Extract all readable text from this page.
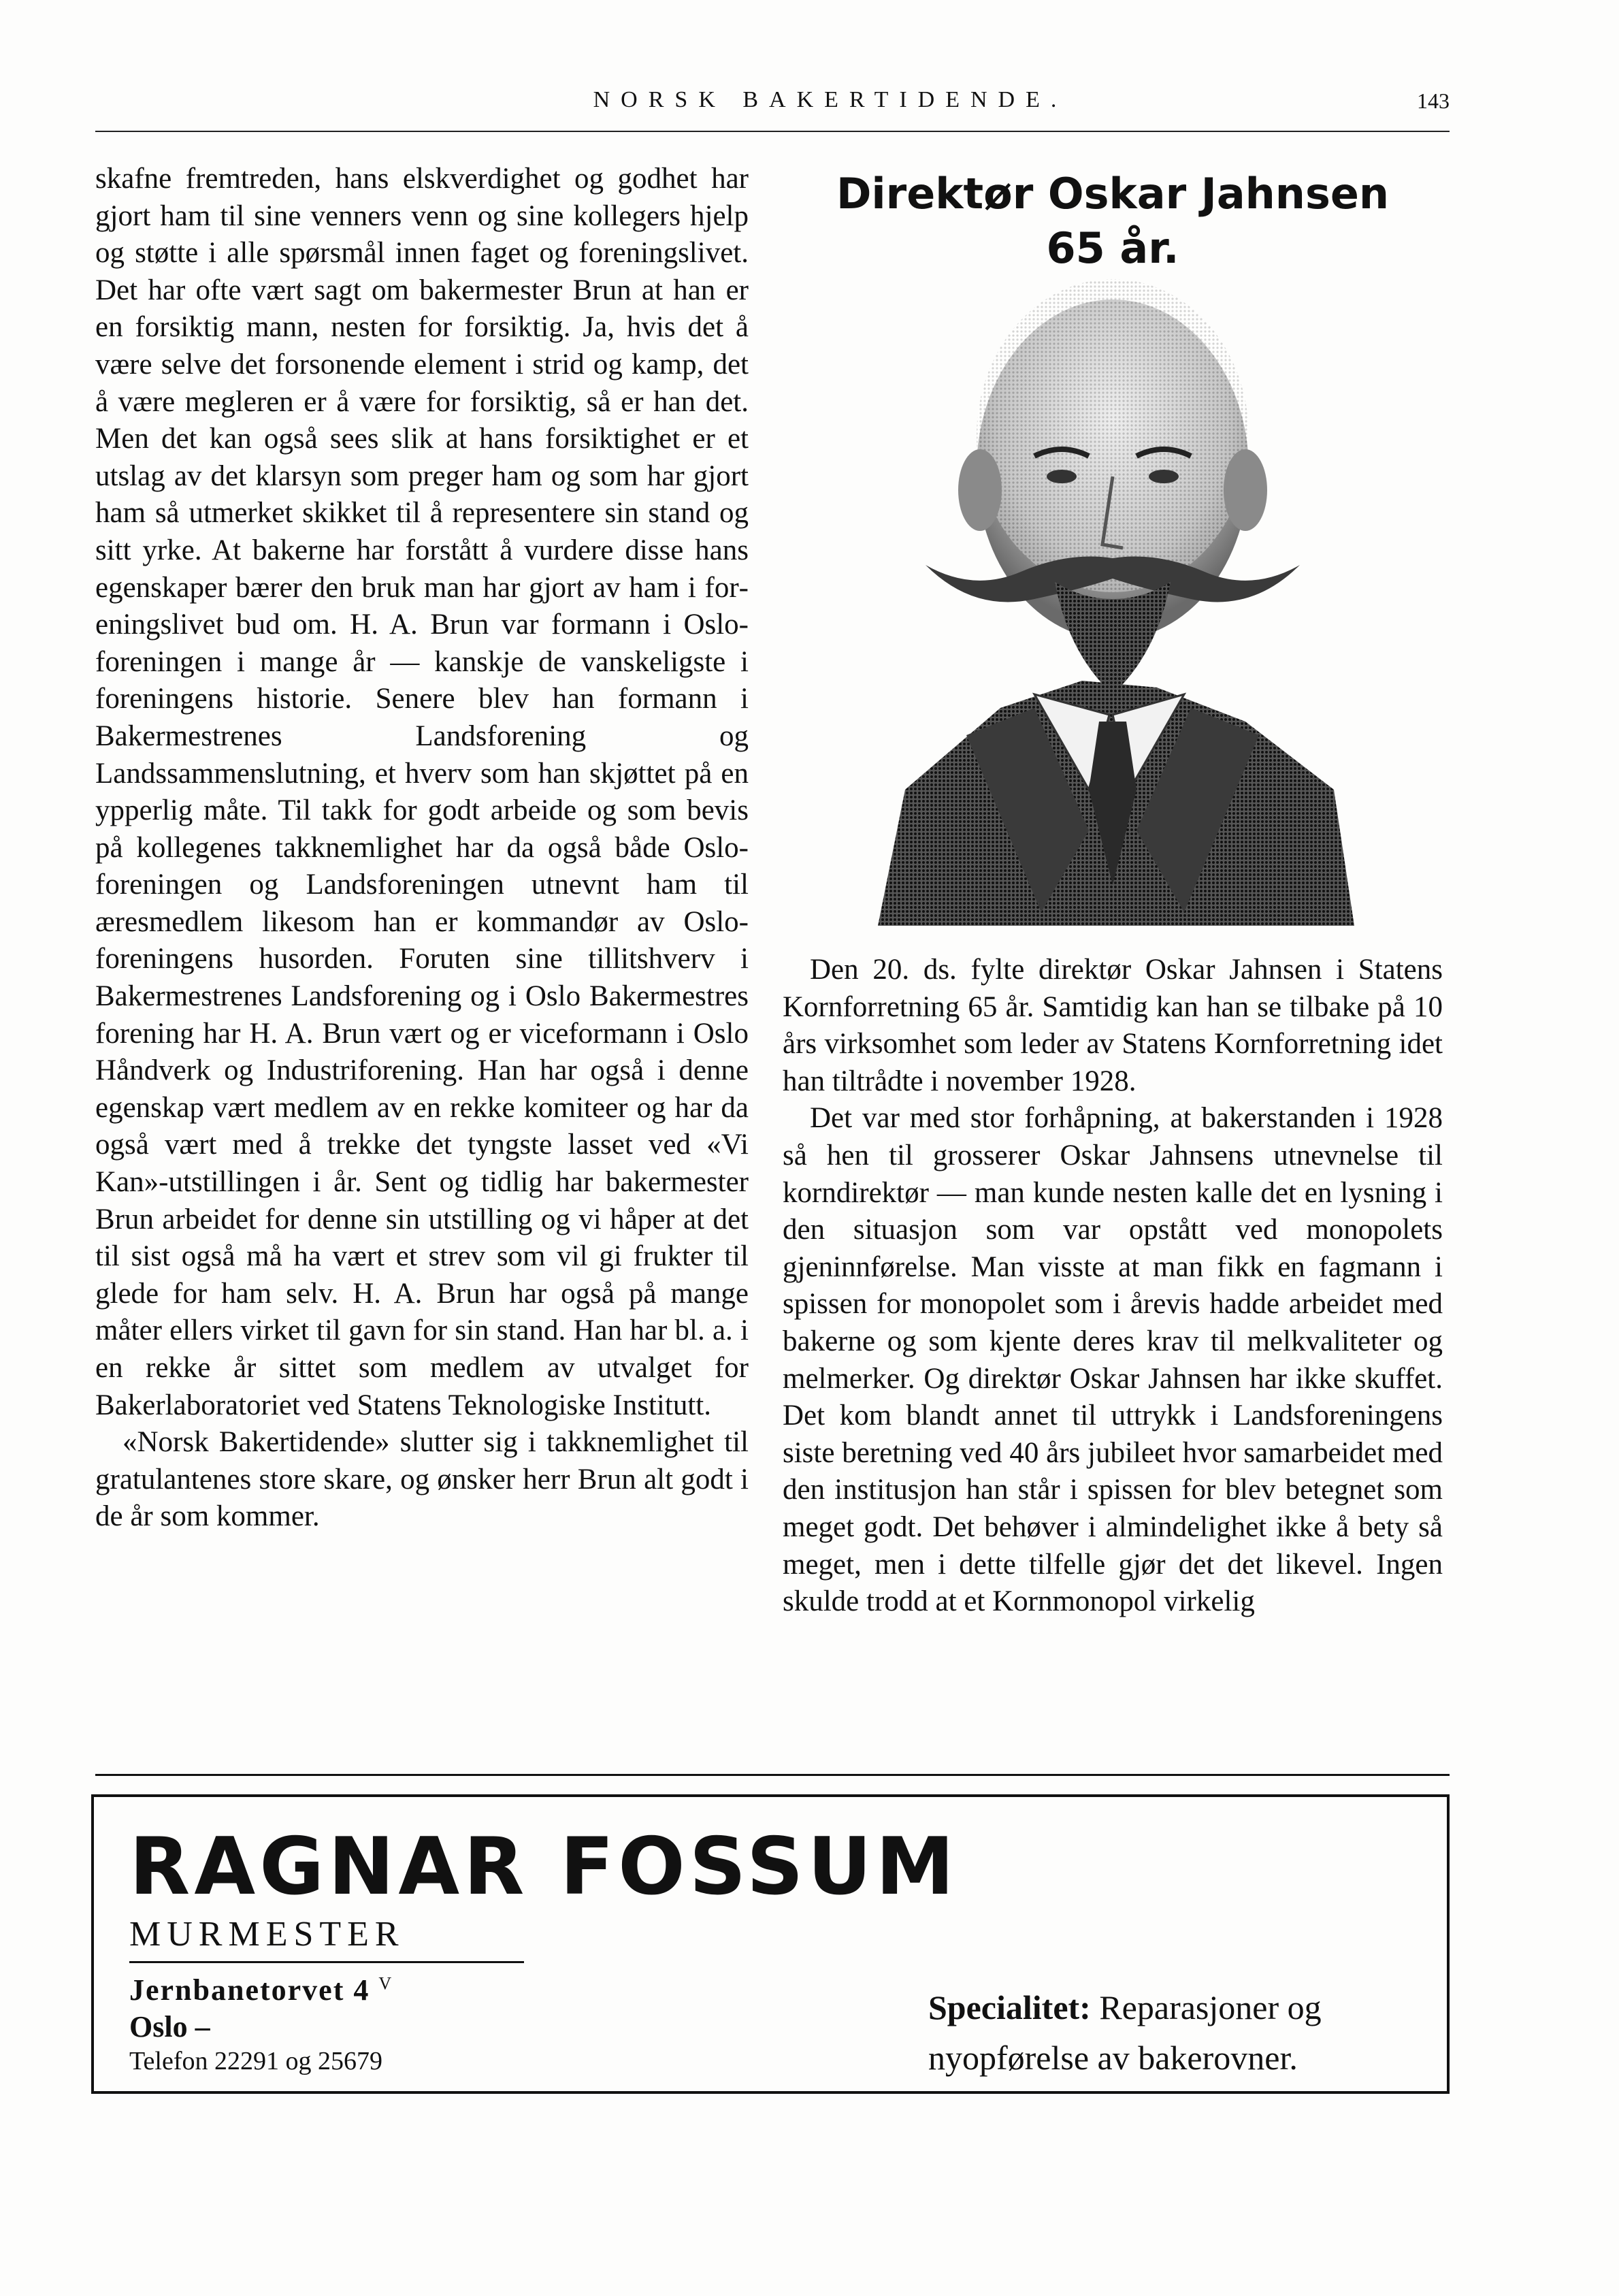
NORSK BAKERTIDENDE.	143

skafne fremtreden, hans elskverdighet og godhet har gjort ham til sine venners venn og sine kollegers hjelp og støtte i alle spørsmål innen faget og foreningslivet. Det har ofte vært sagt om bakermester Brun at han er en forsiktig mann, nesten for forsiktig. Ja, hvis det å være selve det forsonende element i strid og kamp, det å være megleren er å være for forsiktig, så er han det. Men det kan også sees slik at hans forsiktighet er et utslag av det klarsyn som preger ham og som har gjort ham så utmerket skikket til å representere sin stand og sitt yrke. At bakerne har forstått å vurdere disse hans egenskaper bærer den bruk man har gjort av ham i foreningslivet bud om. H. A. Brun var formann i Oslo-foreningen i mange år — kanskje de vanskeligste i foreningens historie. Senere blev han formann i Bakermestrenes Landsforening og Landssammenslutning, et hverv som han skjøttet på en ypperlig måte. Til takk for godt arbeide og som bevis på kollegenes takknemlighet har da også både Oslo-foreningen og Landsforeningen utnevnt ham til æresmedlem likesom han er kommandør av Oslo-foreningens husorden. Foruten sine tillitshverv i Bakermestrenes Landsforening og i Oslo Bakermestres forening har H. A. Brun vært og er viceformann i Oslo Håndverk og Industriforening. Han har også i denne egenskap vært medlem av en rekke komiteer og har da også vært med å trekke det tyngste lasset ved «Vi Kan»-utstillingen i år. Sent og tidlig har bakermester Brun arbeidet for denne sin utstilling og vi håper at det til sist også må ha vært et strev som vil gi frukter til glede for ham selv. H. A. Brun har også på mange måter ellers virket til gavn for sin stand. Han har bl. a. i en rekke år sittet som medlem av utvalget for Bakerlaboratoriet ved Statens Teknologiske Institutt.

«Norsk Bakertidende» slutter sig i takknemlighet til gratulantenes store skare, og ønsker herr Brun alt godt i de år som kommer.

Direktør Oskar Jahnsen
65 år.

Den 20. ds. fylte direktør Oskar Jahnsen i Statens Kornforretning 65 år. Samtidig kan han se tilbake på 10 års virksomhet som leder av Statens Kornforretning idet han tiltrådte i november 1928.

Det var med stor forhåpning, at bakerstanden i 1928 så hen til grosserer Oskar Jahnsens utnevnelse til korndirektør — man kunde nesten kalle det en lysning i den situasjon som var opstått ved monopolets gjeninnførelse. Man visste at man fikk en fagmann i spissen for monopolet som i årevis hadde arbeidet med bakerne og som kjente deres krav til melkvaliteter og melmerker. Og direktør Oskar Jahnsen har ikke skuffet. Det kom blandt annet til uttrykk i Landsforeningens siste beretning ved 40 års jubileet hvor samarbeidet med den institusjon han står i spissen for blev betegnet som meget godt. Det behøver i almindelighet ikke å bety så meget, men i dette tilfelle gjør det det likevel. Ingen skulde trodd at et Kornmonopol virkelig

RAGNAR FOSSUM
MURMESTER
Jernbanetorvet 4 $^V$
Oslo –
Telefon 22291 og 25679
Specialitet: Reparasjoner og
nyopførelse av bakerovner.
